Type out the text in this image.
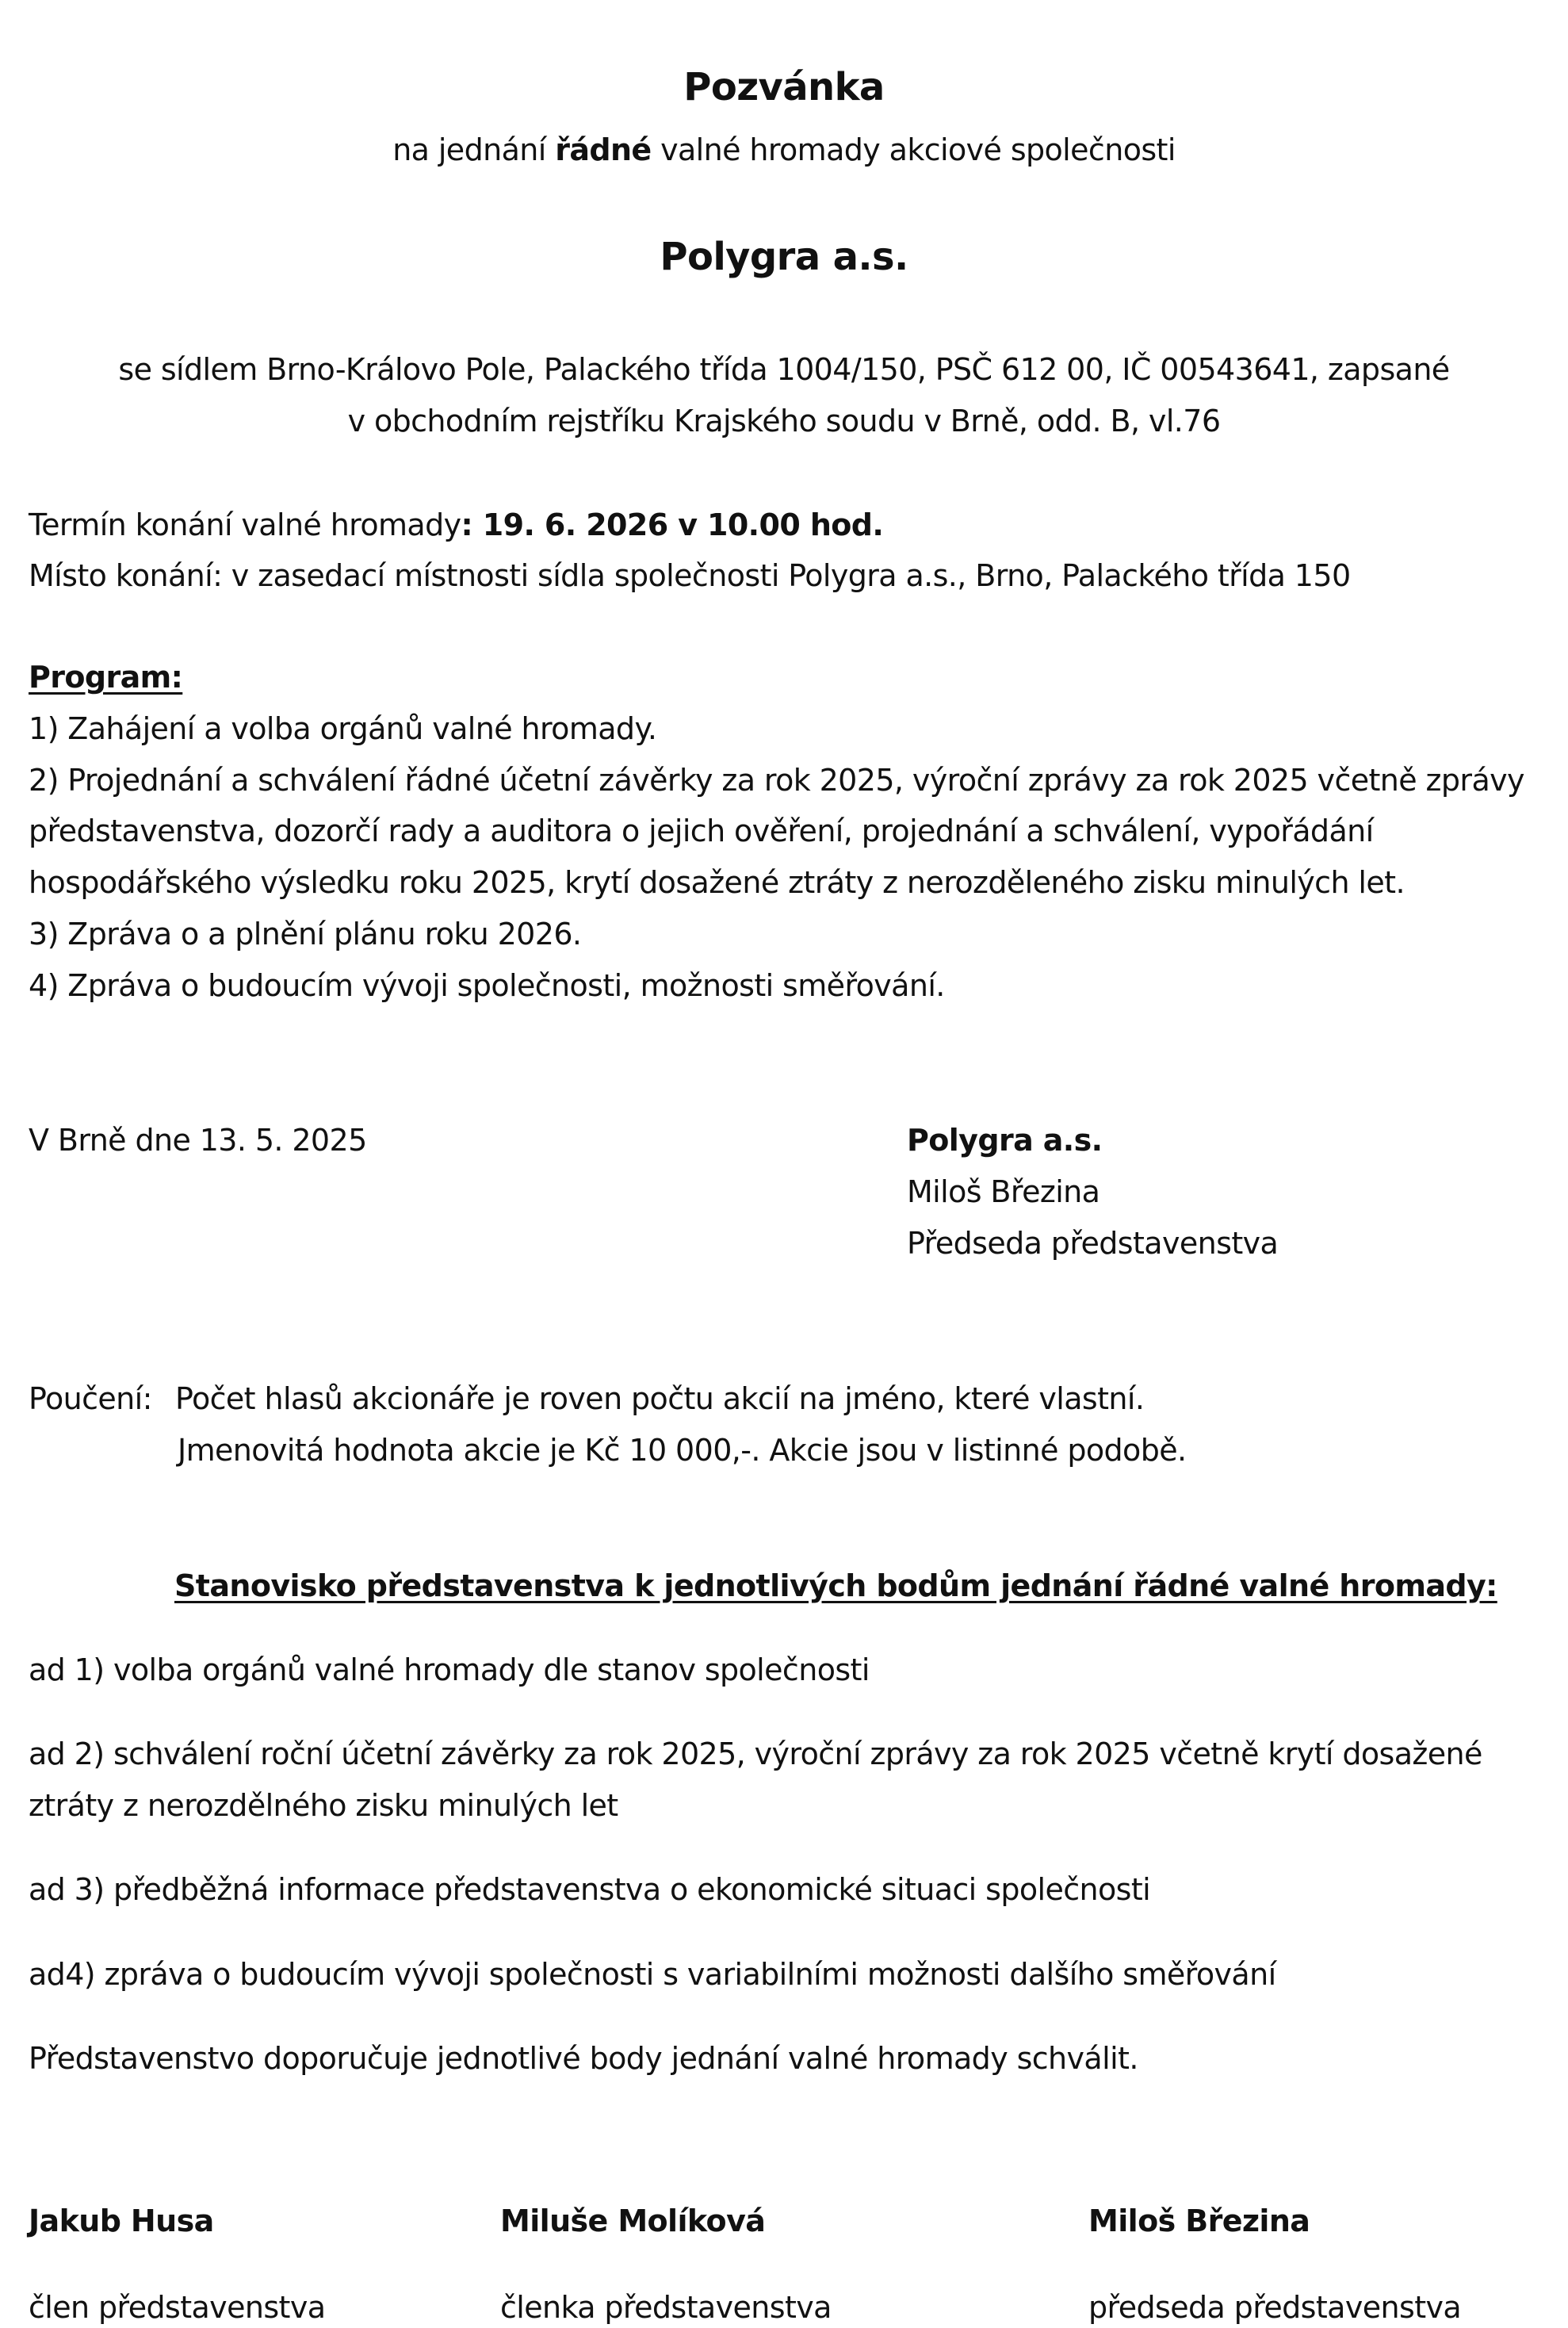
Pozvánka
na jednání řádné valné hromady akciové společnosti
Polygra a.s.
se sídlem Brno-Královo Pole, Palackého třída 1004/150, PSČ 612 00, IČ 00543641, zapsané
v obchodním rejstříku Krajského soudu v Brně, odd. B, vl.76
Termín konání valné hromady: 19. 6. 2026 v 10.00 hod.
Místo konání: v zasedací místnosti sídla společnosti Polygra a.s., Brno, Palackého třída 150
Program:
1) Zahájení a volba orgánů valné hromady.
2) Projednání a schválení řádné účetní závěrky za rok 2025, výroční zprávy za rok 2025 včetně zprávy
představenstva, dozorčí rady a auditora o jejich ověření, projednání a schválení, vypořádání
hospodářského výsledku roku 2025, krytí dosažené ztráty z nerozděleného zisku minulých let.
3) Zpráva o a plnění plánu roku 2026.
4) Zpráva o budoucím vývoji společnosti, možnosti směřování.
V Brně dne 13. 5. 2025	Polygra a.s.
Miloš Březina
Předseda představenstva
Poučení: Počet hlasů akcionáře je roven počtu akcií na jméno, které vlastní.
Jmenovitá hodnota akcie je Kč 10 000,-. Akcie jsou v listinné podobě.
Stanovisko představenstva k jednotlivých bodům jednání řádné valné hromady:
ad 1) volba orgánů valné hromady dle stanov společnosti
ad 2) schválení roční účetní závěrky za rok 2025, výroční zprávy za rok 2025 včetně krytí dosažené
ztráty z nerozdělného zisku minulých let
ad 3) předběžná informace představenstva o ekonomické situaci společnosti
ad4) zpráva o budoucím vývoji společnosti s variabilními možnosti dalšího směřování
Představenstvo doporučuje jednotlivé body jednání valné hromady schválit.
Jakub Husa
člen představenstva
Miluše Molíková
členka představenstva
Miloš Březina
předseda představenstva
